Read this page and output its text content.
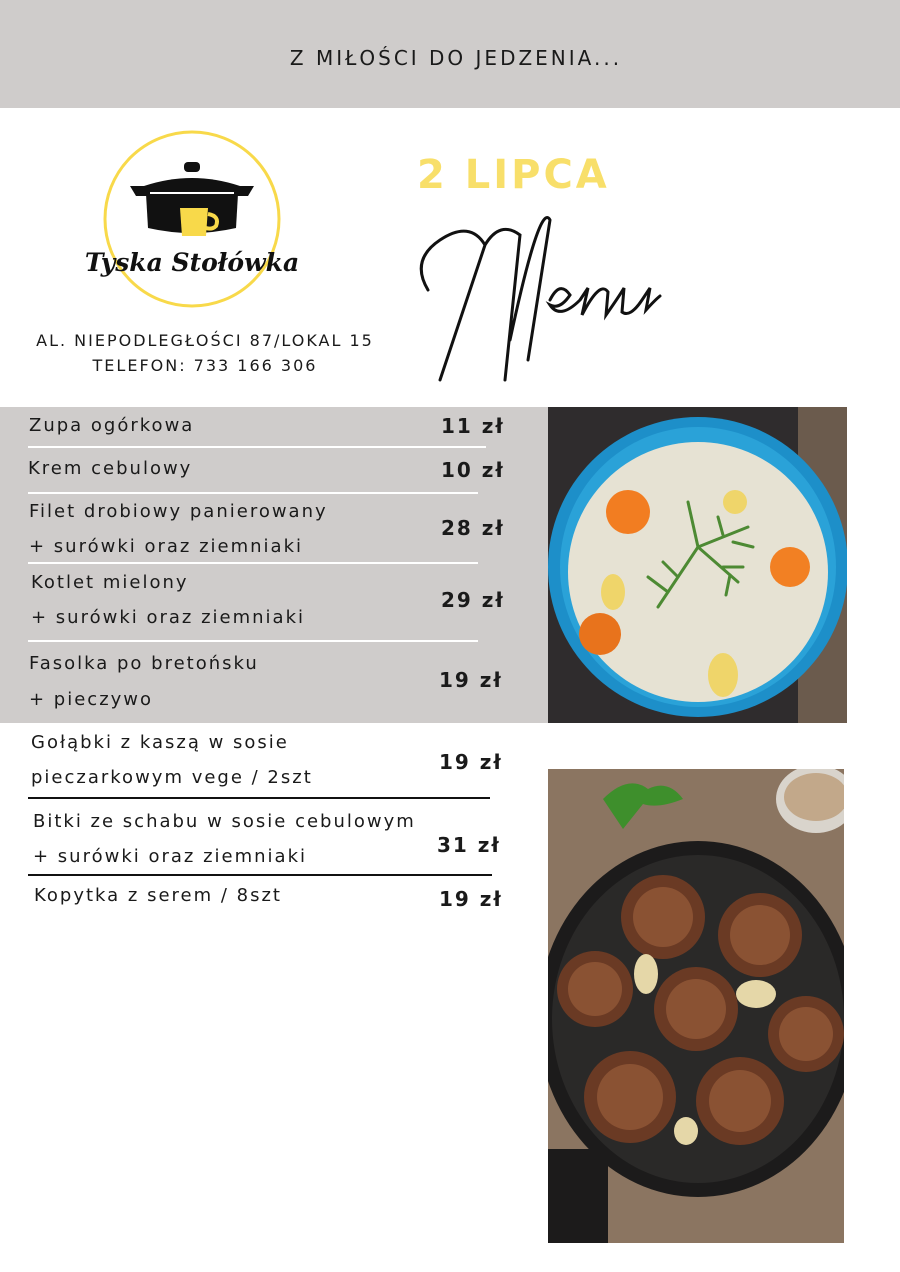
Z MIŁOŚCI DO JEDZENIA...
Tyska Stołówka
AL. NIEPODLEGŁOŚCI 87/LOKAL 15
TELEFON: 733 166 306
2 LIPCA
Menu
Zupa ogórkowa	11 zł
Krem cebulowy	10 zł
Filet drobiowy panierowany
+ surówki oraz ziemniaki
28 zł
Kotlet mielony
+ surówki oraz ziemniaki
29 zł
Fasolka po bretońsku
+ pieczywo
19 zł
Gołąbki z kaszą w sosie
pieczarkowym vege / 2szt
19 zł
Bitki ze schabu w sosie cebulowym
+ surówki oraz ziemniaki	31 zł
Kopytka z serem / 8szt	19 zł
